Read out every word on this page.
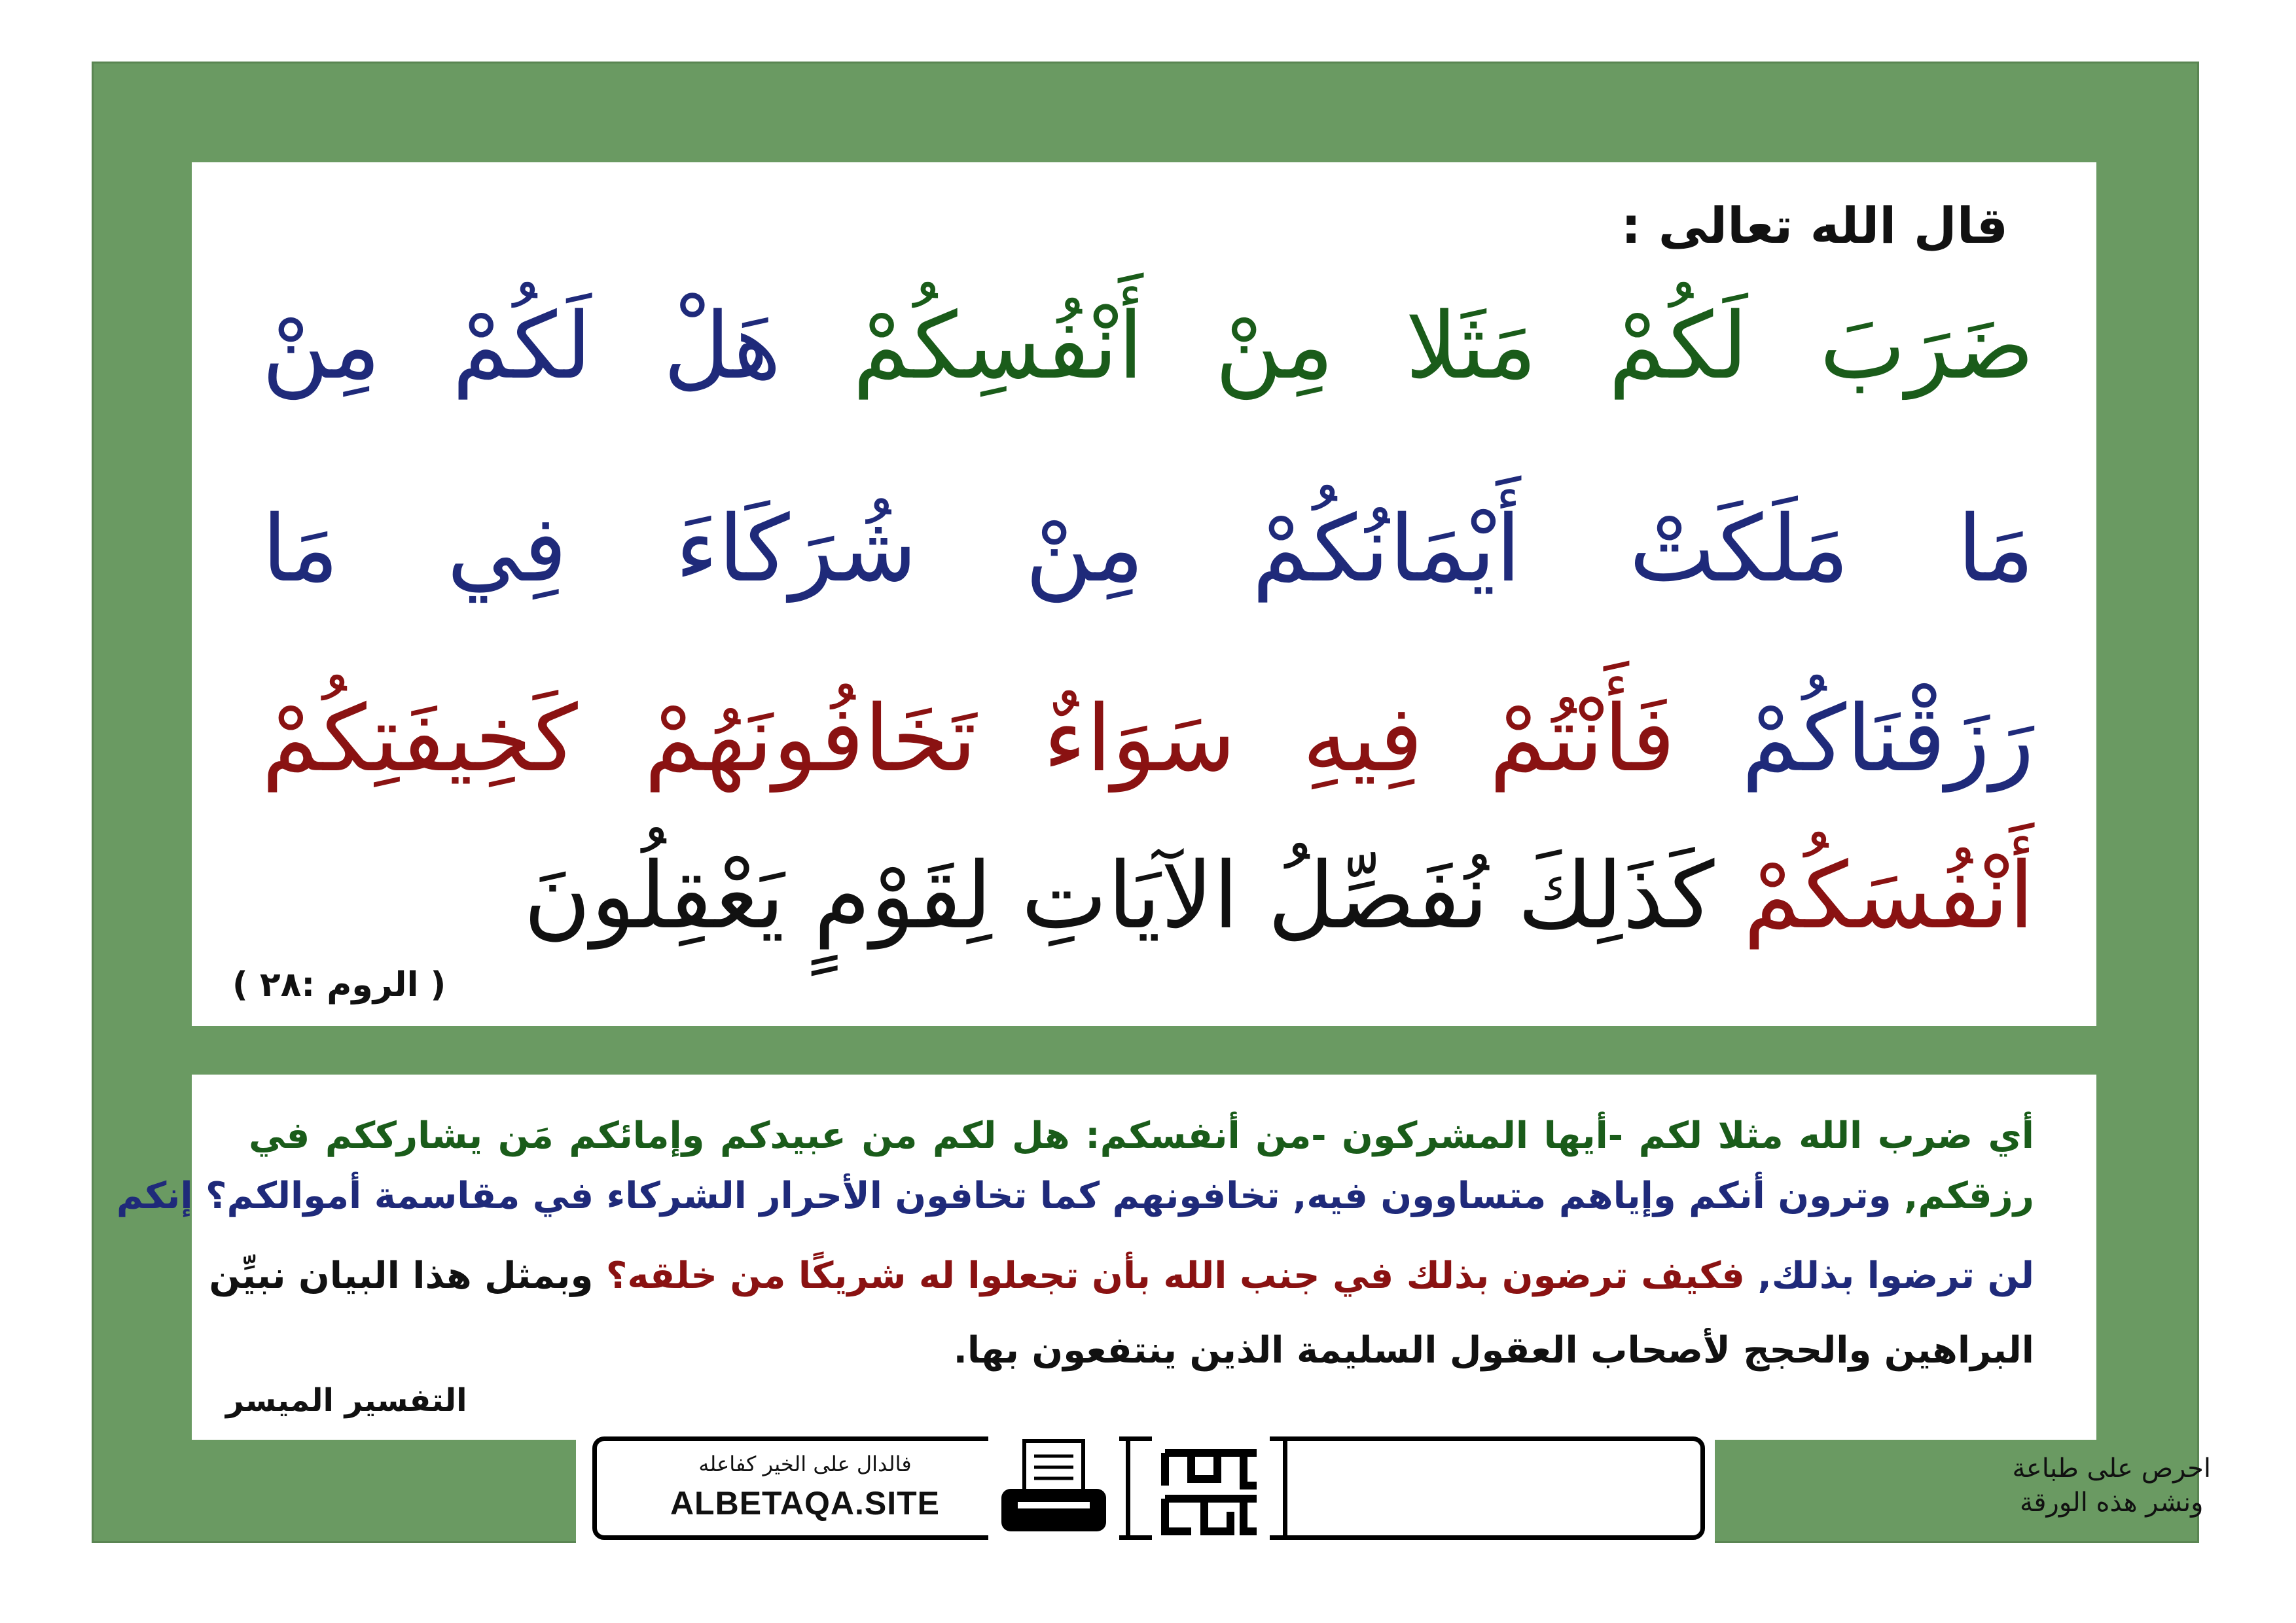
قال الله تعالى :
ضَرَبَ لَكُمْ مَثَلا مِنْ أَنْفُسِكُمْ هَلْ لَكُمْ مِنْ
مَا مَلَكَتْ أَيْمَانُكُمْ مِنْ شُرَكَاءَ فِي مَا
رَزَقْنَاكُمْ فَأَنْتُمْ فِيهِ سَوَاءٌ تَخَافُونَهُمْ كَخِيفَتِكُمْ
أَنْفُسَكُمْ كَذَلِكَ نُفَصِّلُ الآيَاتِ لِقَوْمٍ يَعْقِلُونَ
( الروم :٢٨ )
أي ضرب الله مثلا لكم -أيها المشركون -من أنفسكم: هل لكم من عبيدكم وإمائكم مَن يشارككم في
رزقكم, وترون أنكم وإياهم متساوون فيه, تخافونهم كما تخافون الأحرار الشركاء في مقاسمة أموالكم؟ إنكم
لن ترضوا بذلك, فكيف ترضون بذلك في جنب الله بأن تجعلوا له شريكًا من خلقه؟ وبمثل هذا البيان نبيِّن
البراهين والحجج لأصحاب العقول السليمة الذين ينتفعون بها.
التفسير الميسر
احرص على طباعة
ونشر هذه الورقة
دعوة الورقة
فالدال على الخير كفاعله
ALBETAQA.SITE
